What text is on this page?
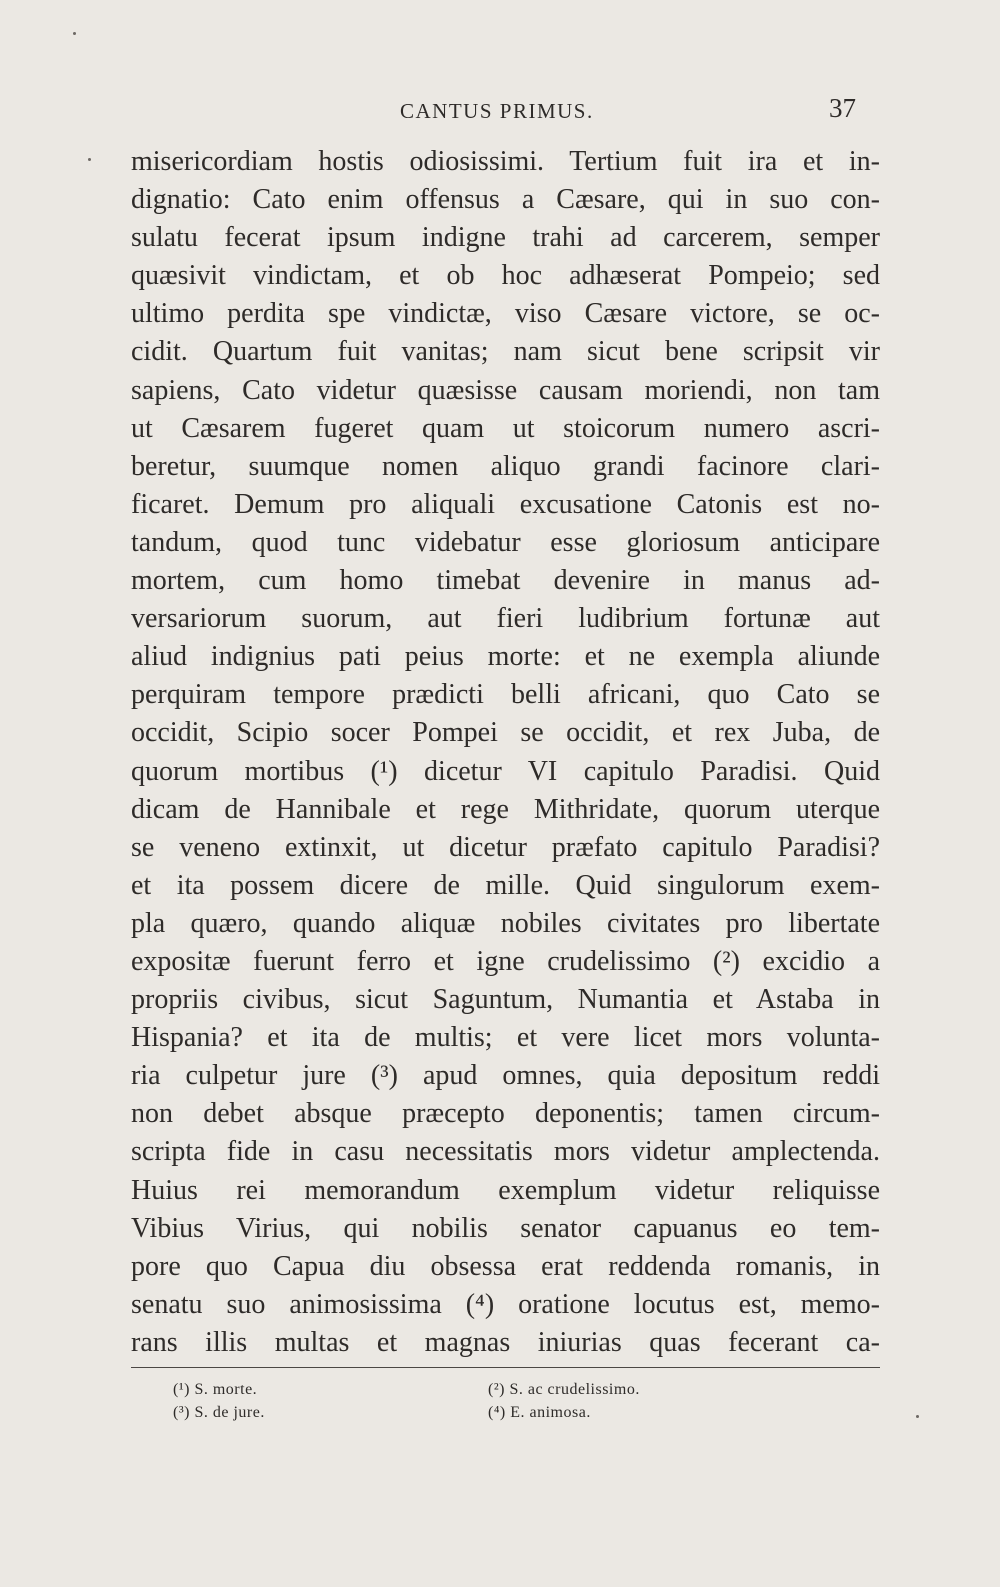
CANTUS PRIMUS.	37
misericordiam hostis odiosissimi. Tertium fuit ira et in-
dignatio: Cato enim offensus a Cæsare, qui in suo con-
sulatu fecerat ipsum indigne trahi ad carcerem, semper
quæsivit vindictam, et ob hoc adhæserat Pompeio; sed
ultimo perdita spe vindictæ, viso Cæsare victore, se oc-
cidit. Quartum fuit vanitas; nam sicut bene scripsit vir
sapiens, Cato videtur quæsisse causam moriendi, non tam
ut Cæsarem fugeret quam ut stoicorum numero ascri-
beretur, suumque nomen aliquo grandi facinore clari-
ficaret. Demum pro aliquali excusatione Catonis est no-
tandum, quod tunc videbatur esse gloriosum anticipare
mortem, cum homo timebat devenire in manus ad-
versariorum suorum, aut fieri ludibrium fortunæ aut
aliud indignius pati peius morte: et ne exempla aliunde
perquiram tempore prædicti belli africani, quo Cato se
occidit, Scipio socer Pompei se occidit, et rex Juba, de
quorum mortibus (¹) dicetur VI capitulo Paradisi. Quid
dicam de Hannibale et rege Mithridate, quorum uterque
se veneno extinxit, ut dicetur præfato capitulo Paradisi?
et ita possem dicere de mille. Quid singulorum exem-
pla quæro, quando aliquæ nobiles civitates pro libertate
expositæ fuerunt ferro et igne crudelissimo (²) excidio a
propriis civibus, sicut Saguntum, Numantia et Astaba in
Hispania? et ita de multis; et vere licet mors volunta-
ria culpetur jure (³) apud omnes, quia depositum reddi
non debet absque præcepto deponentis; tamen circum-
scripta fide in casu necessitatis mors videtur amplectenda.
Huius rei memorandum exemplum videtur reliquisse
Vibius Virius, qui nobilis senator capuanus eo tem-
pore quo Capua diu obsessa erat reddenda romanis, in
senatu suo animosissima (⁴) oratione locutus est, memo-
rans illis multas et magnas iniurias quas fecerant ca-
(¹) S. morte.	(²) S. ac crudelissimo.
(³) S. de jure.	(⁴) E. animosa.
